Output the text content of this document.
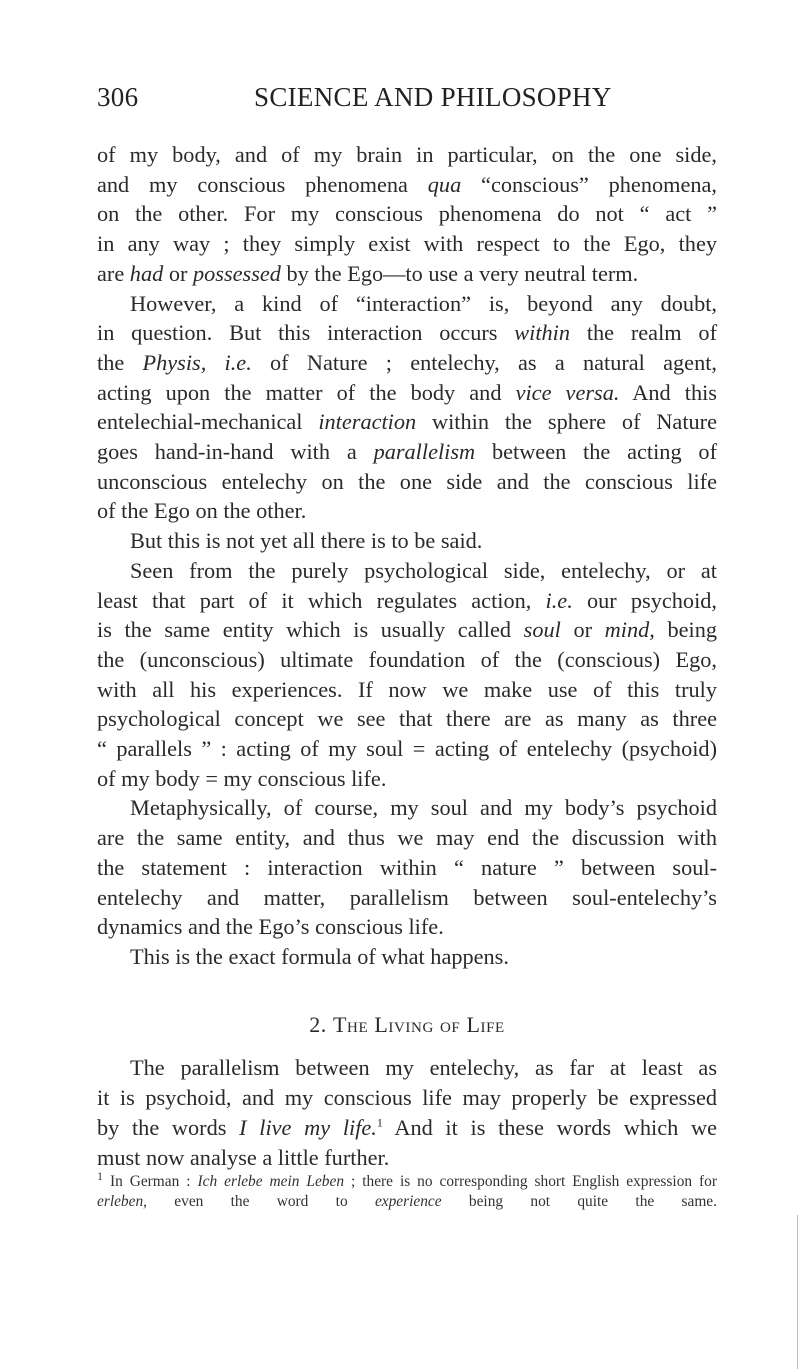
306	SCIENCE AND PHILOSOPHY

of my body, and of my brain in particular, on the one side,

and my conscious phenomena qua “conscious” phenomena,

on the other. For my conscious phenomena do not “ act ”

in any way ; they simply exist with respect to the Ego, they

are had or possessed by the Ego—to use a very neutral term.

However, a kind of “interaction” is, beyond any doubt,

in question. But this interaction occurs within the realm of

the Physis, i.e. of Nature ; entelechy, as a natural agent,

acting upon the matter of the body and vice versa. And this

entelechial-mechanical interaction within the sphere of Nature

goes hand-in-hand with a parallelism between the acting of

unconscious entelechy on the one side and the conscious life

of the Ego on the other.

But this is not yet all there is to be said.

Seen from the purely psychological side, entelechy, or at

least that part of it which regulates action, i.e. our psychoid,

is the same entity which is usually called soul or mind, being

the (unconscious) ultimate foundation of the (conscious) Ego,

with all his experiences. If now we make use of this truly

psychological concept we see that there are as many as three

“ parallels ” : acting of my soul = acting of entelechy (psychoid)

of my body = my conscious life.

Metaphysically, of course, my soul and my body’s psychoid

are the same entity, and thus we may end the discussion with

the statement : interaction within “ nature ” between soul-

entelechy and matter, parallelism between soul-entelechy’s

dynamics and the Ego’s conscious life.

This is the exact formula of what happens.

2. The Living of Life

The parallelism between my entelechy, as far at least as

it is psychoid, and my conscious life may properly be expressed

by the words I live my life.$^1$ And it is these words which we

must now analyse a little further.

$^1$ In German : Ich erlebe mein Leben ; there is no corresponding short English expression for erleben, even the word to experience being not quite the same.
